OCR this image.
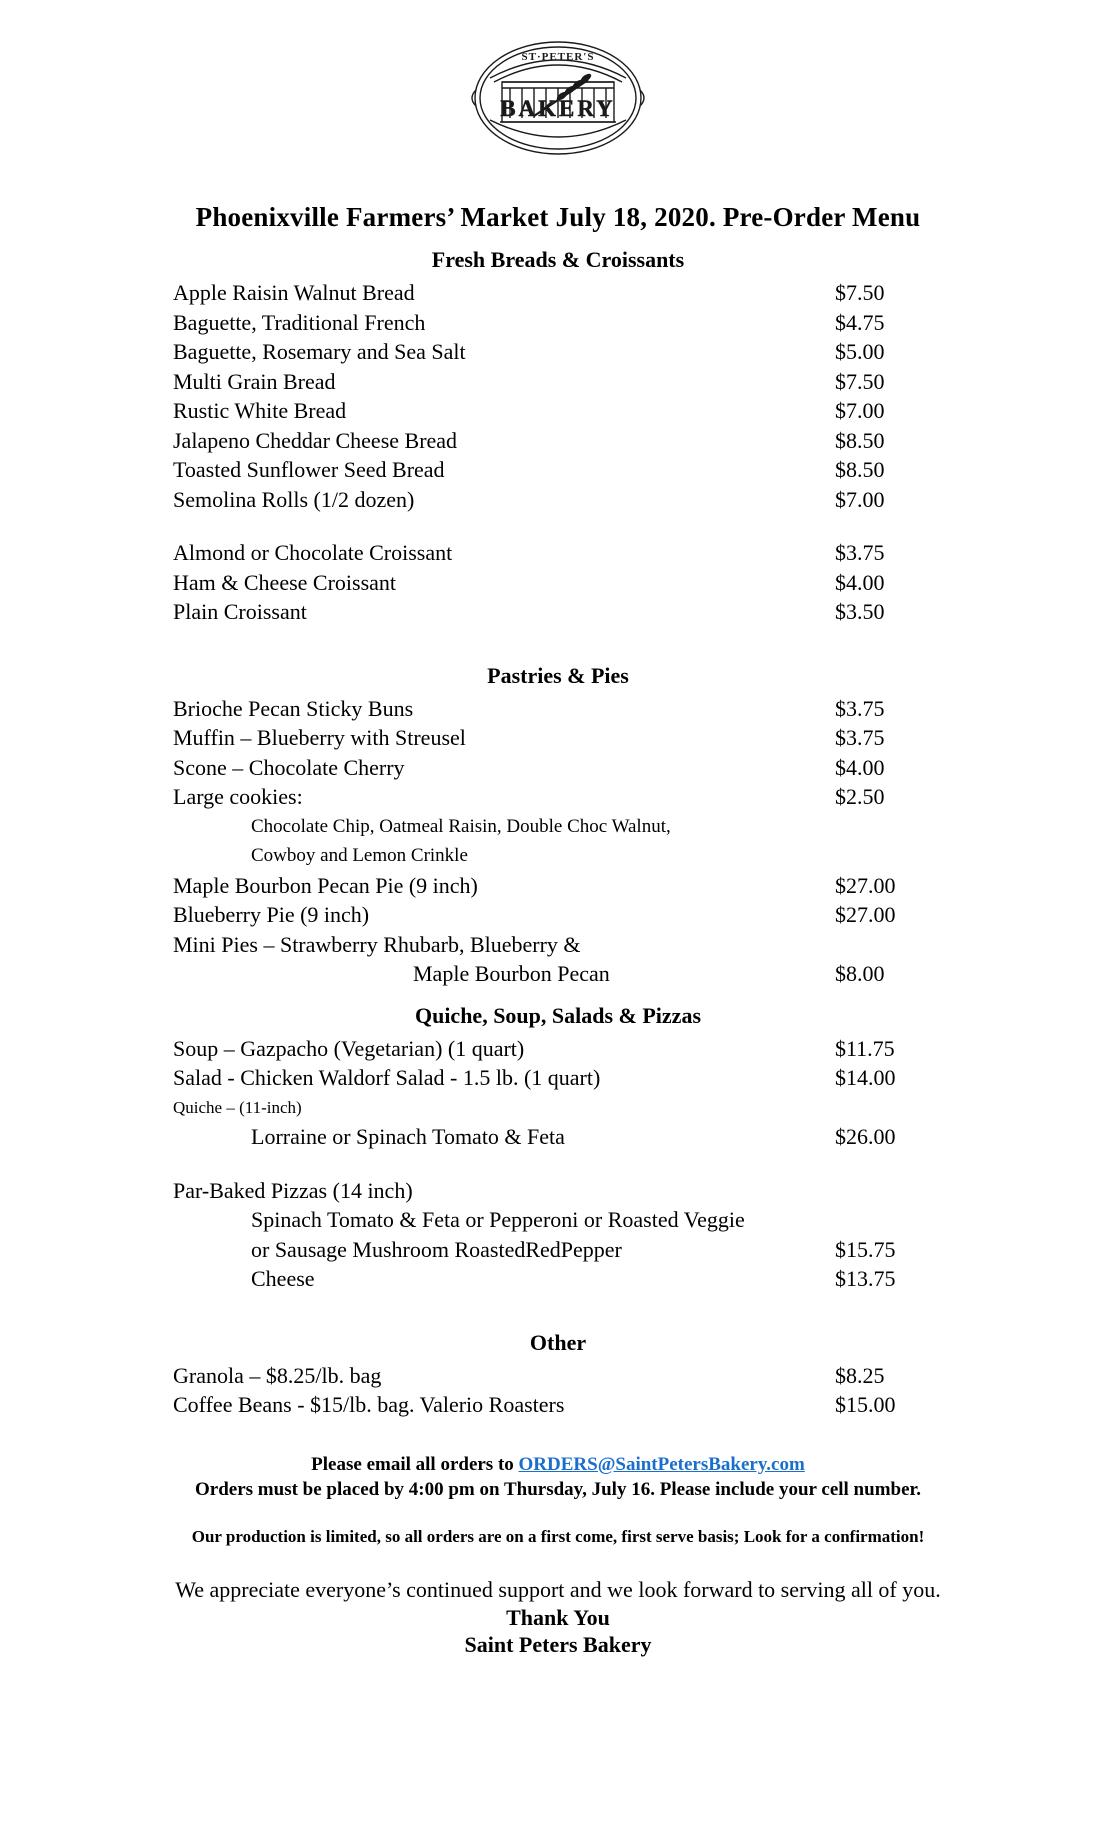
ST·PETER'S
BAKERY
Phoenixville Farmers’ Market July 18, 2020. Pre-Order Menu
Fresh Breads & Croissants
Apple Raisin Walnut Bread	$7.50
Baguette, Traditional French	$4.75
Baguette, Rosemary and Sea Salt	$5.00
Multi Grain Bread	$7.50
Rustic White Bread	$7.00
Jalapeno Cheddar Cheese Bread	$8.50
Toasted Sunflower Seed Bread	$8.50
Semolina Rolls (1/2 dozen)	$7.00
Almond or Chocolate Croissant	$3.75
Ham & Cheese Croissant	$4.00
Plain Croissant	$3.50
Pastries & Pies
Brioche Pecan Sticky Buns	$3.75
Muffin – Blueberry with Streusel	$3.75
Scone – Chocolate Cherry	$4.00
Large cookies:	$2.50
Chocolate Chip, Oatmeal Raisin, Double Choc Walnut,
Cowboy and Lemon Crinkle
Maple Bourbon Pecan Pie (9 inch)	$27.00
Blueberry Pie (9 inch)	$27.00
Mini Pies – Strawberry Rhubarb, Blueberry &
Maple Bourbon Pecan	$8.00
Quiche, Soup, Salads & Pizzas
Soup – Gazpacho (Vegetarian) (1 quart)	$11.75
Salad - Chicken Waldorf Salad - 1.5 lb. (1 quart)	$14.00
Quiche – (11-inch)
Lorraine or Spinach Tomato & Feta	$26.00
Par-Baked Pizzas (14 inch)
Spinach Tomato & Feta or Pepperoni or Roasted Veggie
or Sausage Mushroom RoastedRedPepper	$15.75
Cheese	$13.75
Other
Granola – $8.25/lb. bag	$8.25
Coffee Beans - $15/lb. bag. Valerio Roasters	$15.00
Please email all orders to ORDERS@SaintPetersBakery.com
Orders must be placed by 4:00 pm on Thursday, July 16. Please include your cell number.
Our production is limited, so all orders are on a first come, first serve basis; Look for a confirmation!
We appreciate everyone’s continued support and we look forward to serving all of you.
Thank You
Saint Peters Bakery
